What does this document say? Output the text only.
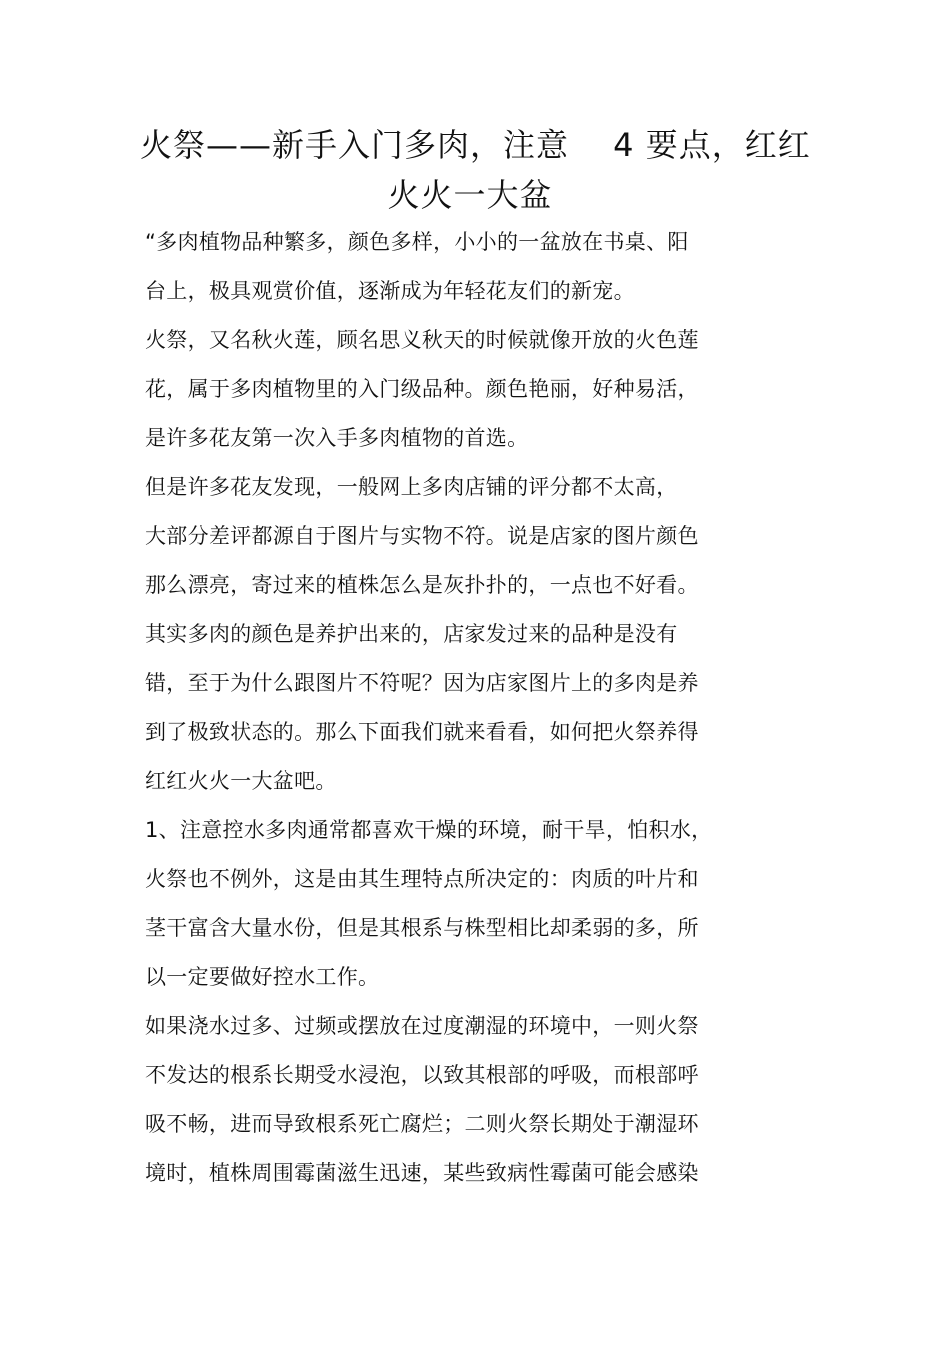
火祭——新手入门多肉，注意　 4 要点，红红
火火一大盆
“多肉植物品种繁多，颜色多样，小小的一盆放在书桌、阳
台上，极具观赏价值，逐渐成为年轻花友们的新宠。
火祭，又名秋火莲，顾名思义秋天的时候就像开放的火色莲
花，属于多肉植物里的入门级品种。颜色艳丽，好种易活，
是许多花友第一次入手多肉植物的首选。
但是许多花友发现，一般网上多肉店铺的评分都不太高，
大部分差评都源自于图片与实物不符。说是店家的图片颜色
那么漂亮，寄过来的植株怎么是灰扑扑的，一点也不好看。
其实多肉的颜色是养护出来的，店家发过来的品种是没有
错，至于为什么跟图片不符呢？因为店家图片上的多肉是养
到了极致状态的。那么下面我们就来看看，如何把火祭养得
红红火火一大盆吧。
1、注意控水多肉通常都喜欢干燥的环境，耐干旱，怕积水，
火祭也不例外，这是由其生理特点所决定的：肉质的叶片和
茎干富含大量水份，但是其根系与株型相比却柔弱的多，所
以一定要做好控水工作。
如果浇水过多、过频或摆放在过度潮湿的环境中，一则火祭
不发达的根系长期受水浸泡，以致其根部的呼吸，而根部呼
吸不畅，进而导致根系死亡腐烂；二则火祭长期处于潮湿环
境时，植株周围霉菌滋生迅速，某些致病性霉菌可能会感染
